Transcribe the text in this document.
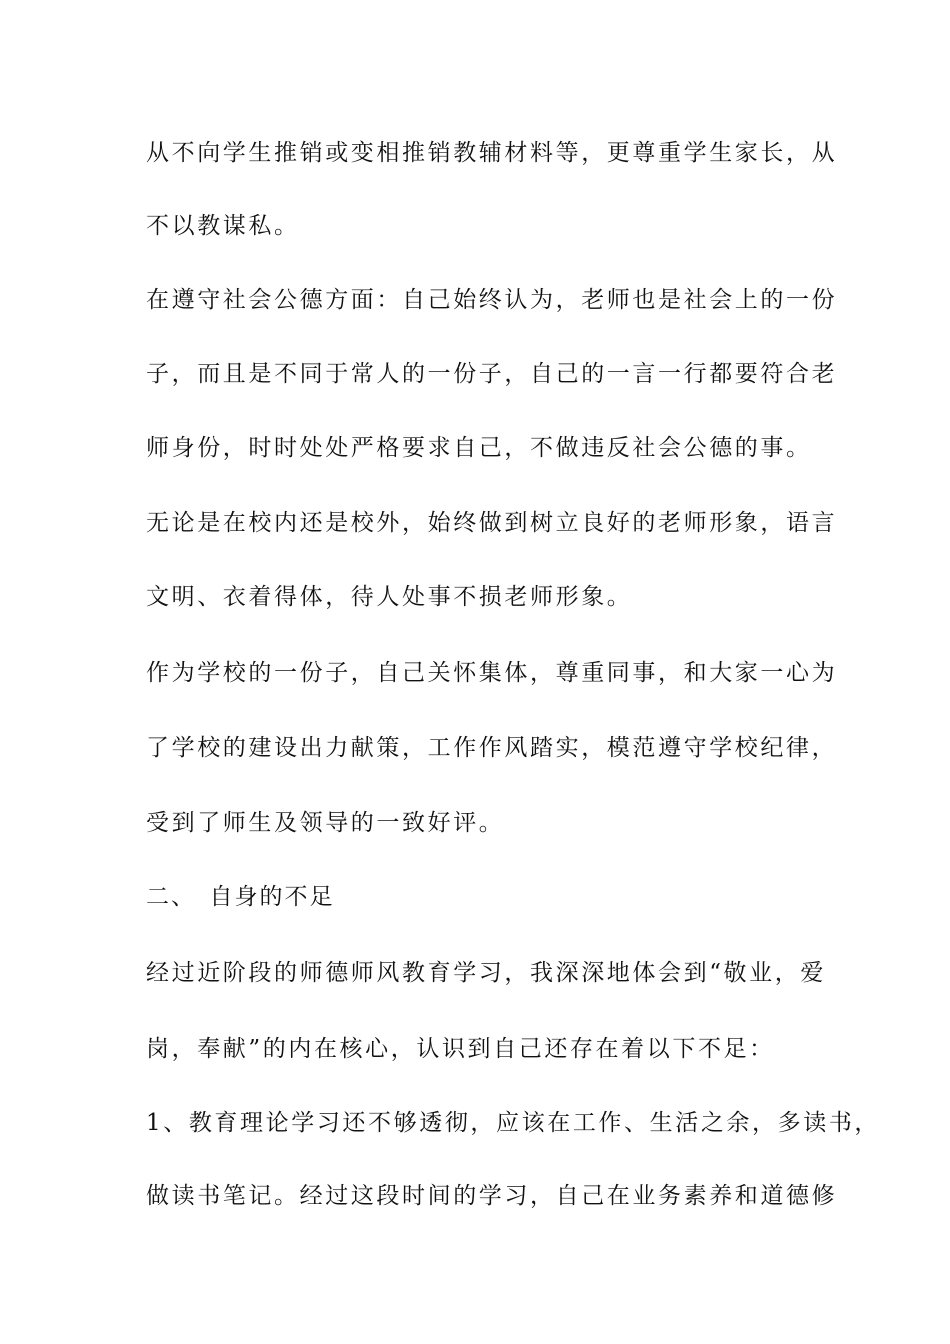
从不向学生推销或变相推销教辅材料等，更尊重学生家长，从
不以教谋私。
在遵守社会公德方面：自己始终认为，老师也是社会上的一份
子，而且是不同于常人的一份子，自己的一言一行都要符合老
师身份，时时处处严格要求自己，不做违反社会公德的事。
无论是在校内还是校外，始终做到树立良好的老师形象，语言
文明、衣着得体，待人处事不损老师形象。
作为学校的一份子，自己关怀集体，尊重同事，和大家一心为
了学校的建设出力献策，工作作风踏实，模范遵守学校纪律，
受到了师生及领导的一致好评。
二、　自身的不足
经过近阶段的师德师风教育学习，我深深地体会到“敬业，爱
岗，奉献”的内在核心，认识到自己还存在着以下不足：
1、教育理论学习还不够透彻，应该在工作、生活之余，多读书，
做读书笔记。经过这段时间的学习，自己在业务素养和道德修
